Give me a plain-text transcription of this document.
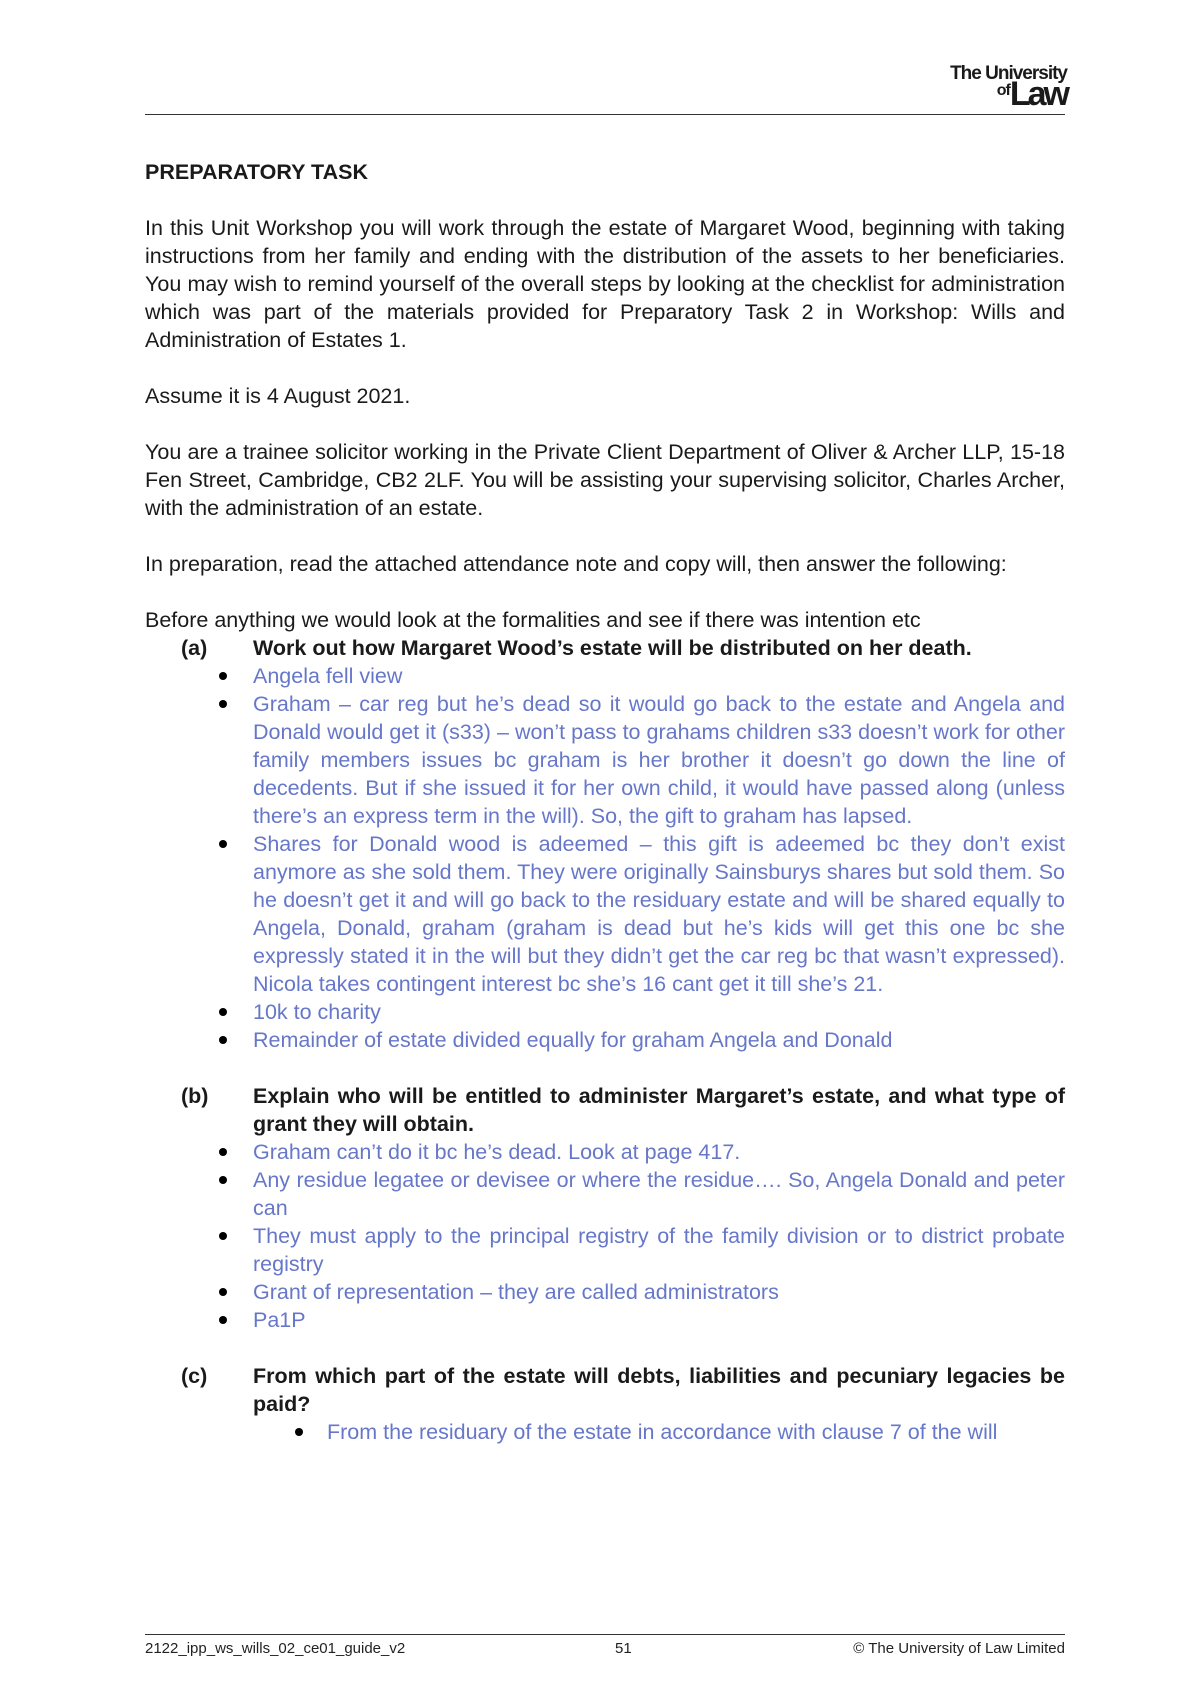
The University
ofLaw
PREPARATORY TASK

In this Unit Workshop you will work through the estate of Margaret Wood, beginning with taking instructions from her family and ending with the distribution of the assets to her beneficiaries. You may wish to remind yourself of the overall steps by looking at the checklist for administration which was part of the materials provided for Preparatory Task 2 in Workshop: Wills and Administration of Estates 1.

Assume it is 4 August 2021.

You are a trainee solicitor working in the Private Client Department of Oliver & Archer LLP, 15-18 Fen Street, Cambridge, CB2 2LF. You will be assisting your supervising solicitor, Charles Archer, with the administration of an estate.

In preparation, read the attached attendance note and copy will, then answer the following:

Before anything we would look at the formalities and see if there was intention etc

(a)	Work out how Margaret Wood’s estate will be distributed on her death.
Angela fell view
Graham – car reg but he’s dead so it would go back to the estate and Angela and Donald would get it (s33) – won’t pass to grahams children s33 doesn’t work for other family members issues bc graham is her brother it doesn’t go down the line of decedents. But if she issued it for her own child, it would have passed along (unless there’s an express term in the will). So, the gift to graham has lapsed.
Shares for Donald wood is adeemed – this gift is adeemed bc they don’t exist anymore as she sold them. They were originally Sainsburys shares but sold them. So he doesn’t get it and will go back to the residuary estate and will be shared equally to Angela, Donald, graham (graham is dead but he’s kids will get this one bc she expressly stated it in the will but they didn’t get the car reg bc that wasn’t expressed). Nicola takes contingent interest bc she’s 16 cant get it till she’s 21.
10k to charity
Remainder of estate divided equally for graham Angela and Donald
(b)	Explain who will be entitled to administer Margaret’s estate, and what type of grant they will obtain.
Graham can’t do it bc he’s dead. Look at page 417.
Any residue legatee or devisee or where the residue…. So, Angela Donald and peter can
They must apply to the principal registry of the family division or to district probate registry
Grant of representation – they are called administrators
Pa1P
(c)	From which part of the estate will debts, liabilities and pecuniary legacies be paid?
From the residuary of the estate in accordance with clause 7 of the will
2122_ipp_ws_wills_02_ce01_guide_v2	51	© The University of Law Limited
